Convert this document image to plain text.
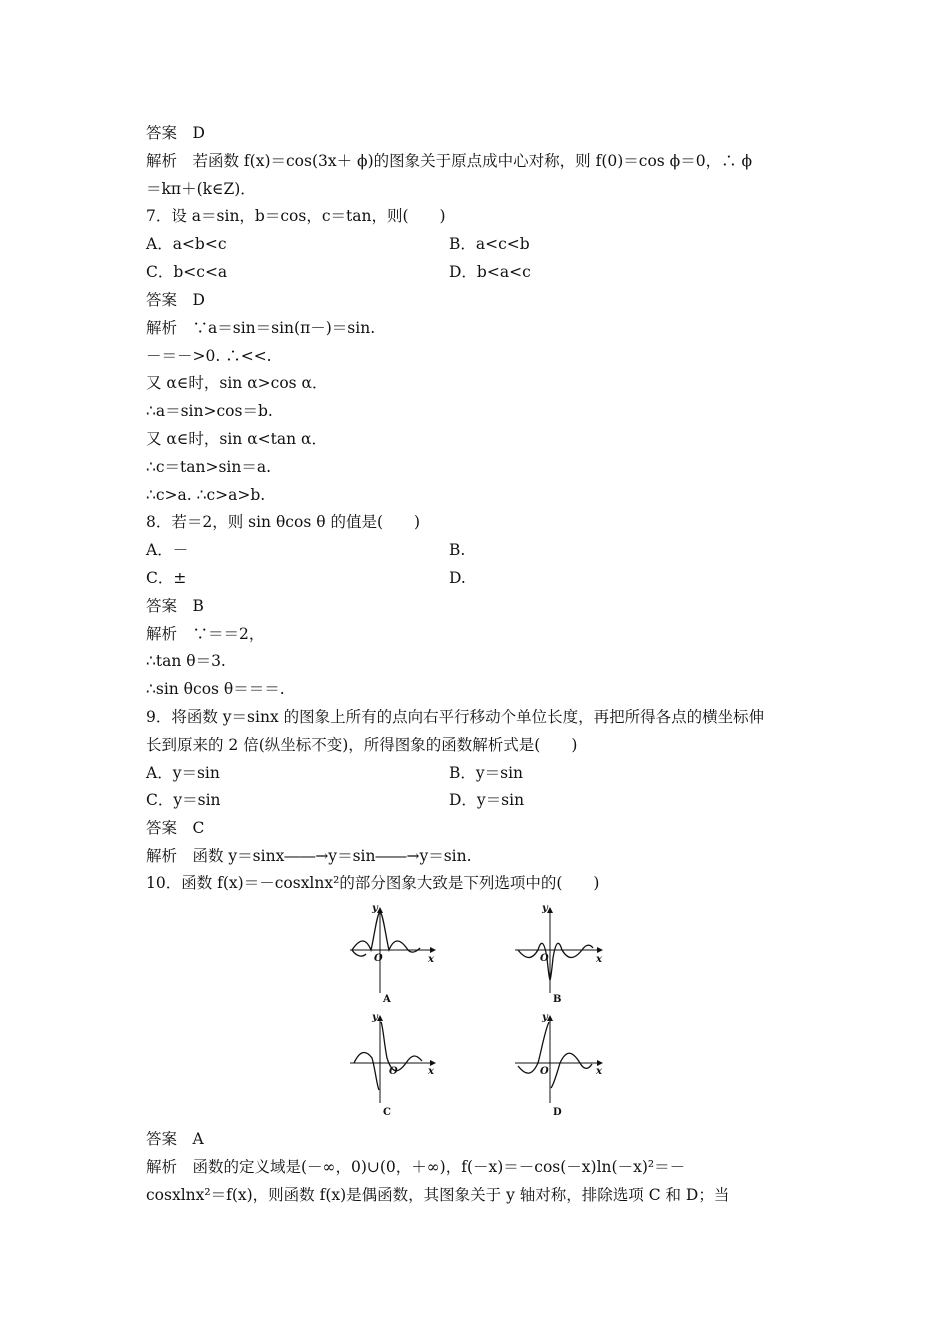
答案　D
解析　若函数 f(x)＝cos(3x＋ ϕ)的图象关于原点成中心对称，则 f(0)＝cos ϕ＝0，∴ ϕ
＝kπ＋(k∈Z)．
7．设 a＝sin，b＝cos，c＝tan，则(　　)
A．a<b<c	B．a<c<b
C．b<c<a	D．b<a<c
答案　D
解析　∵a＝sin＝sin(π－)＝sin.
－＝－>0. ∴<<.
又 α∈时，sin α>cos α．
∴a＝sin>cos＝b.
又 α∈时，sin α<tan α．
∴c＝tan>sin＝a.
∴c>a. ∴c>a>b.
8．若＝2，则 sin θcos θ 的值是(　　)
A．－	B.
C．±	D.
答案　B
解析　∵＝＝2，
∴tan θ＝3.
∴sin θcos θ＝＝＝.
9．将函数 y＝sinx 的图象上所有的点向右平行移动个单位长度，再把所得各点的横坐标伸
长到原来的 2 倍(纵坐标不变)，所得图象的函数解析式是(　　)
A．y＝sin	B．y＝sin
C．y＝sin	D．y＝sin
答案　C
解析　函数 y＝sinx――→y＝sin――→y＝sin.
10．函数 f(x)＝－cosxlnx²的部分图象大致是下列选项中的(　　)
答案　A
解析　函数的定义域是(－∞，0)∪(0，＋∞)，f(－x)＝－cos(－x)ln(－x)²＝－
cosxlnx²＝f(x)，则函数 f(x)是偶函数，其图象关于 y 轴对称，排除选项 C 和 D；当
y
x
O
A
y
x
O
B
y
x
O
C
y
x
O
D
